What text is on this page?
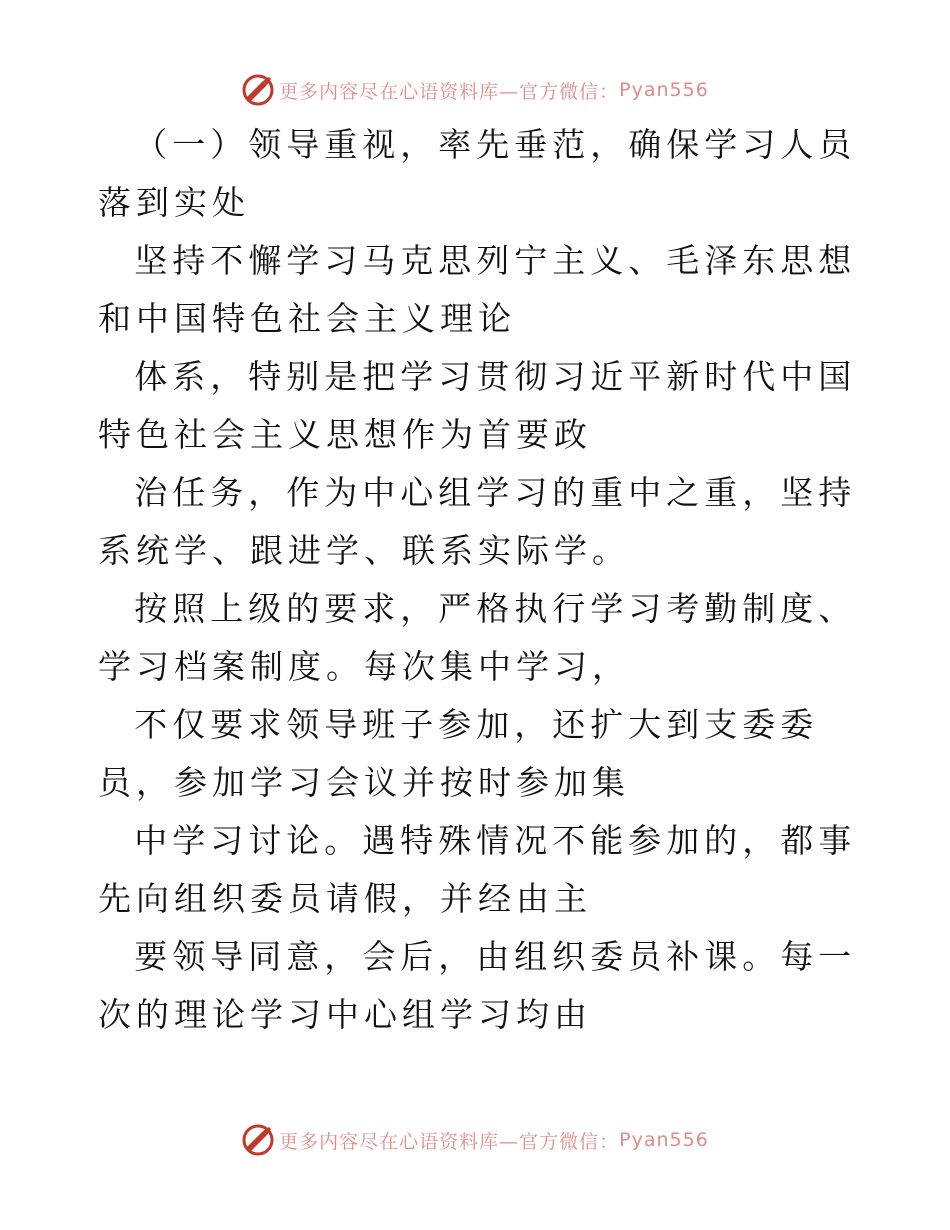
更多内容尽在心语资料库—官方微信： Pyan556

（一）领导重视，率先垂范，确保学习人员落到实处

坚持不懈学习马克思列宁主义、毛泽东思想和中国特色社会主义理论

体系，特别是把学习贯彻习近平新时代中国特色社会主义思想作为首要政

治任务，作为中心组学习的重中之重，坚持系统学、跟进学、联系实际学。

按照上级的要求，严格执行学习考勤制度、学习档案制度。每次集中学习，

不仅要求领导班子参加，还扩大到支委委员，参加学习会议并按时参加集

中学习讨论。遇特殊情况不能参加的，都事先向组织委员请假，并经由主

要领导同意，会后，由组织委员补课。每一次的理论学习中心组学习均由

更多内容尽在心语资料库—官方微信： Pyan556
